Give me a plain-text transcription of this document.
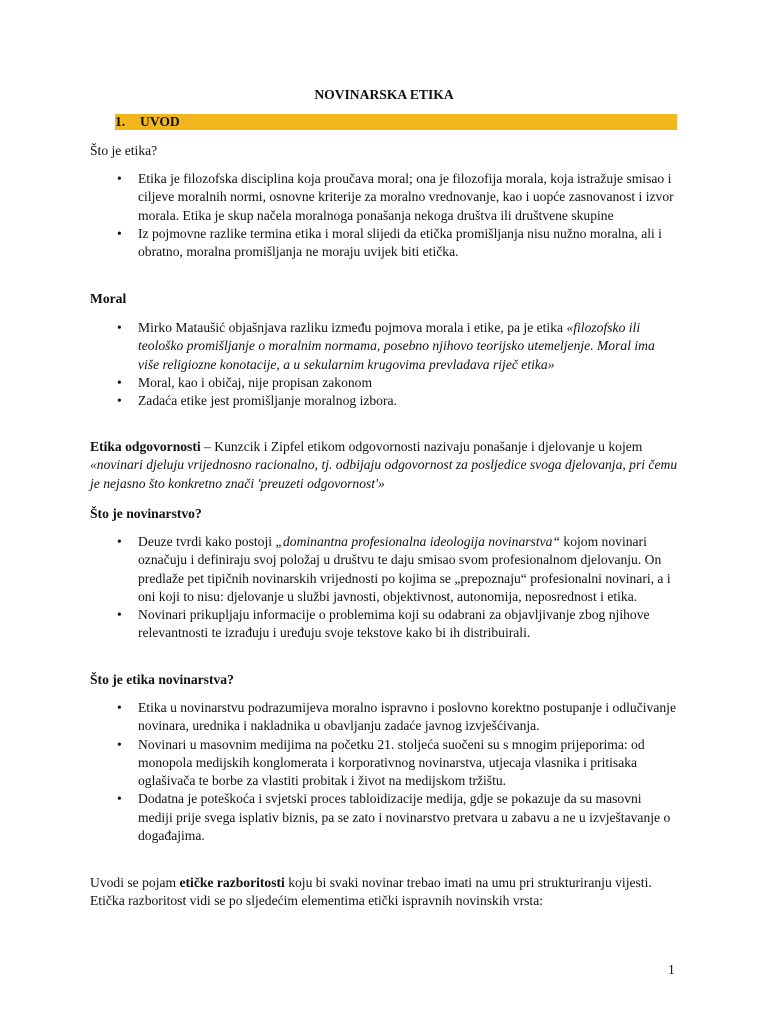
NOVINARSKA ETIKA
1. UVOD

Što je etika?

• Etika je filozofska disciplina koja proučava moral; ona je filozofija morala, koja istražuje smisao i ciljeve moralnih normi, osnovne kriterije za moralno vrednovanje, kao i uopće zasnovanost i izvor morala. Etika je skup načela moralnoga ponašanja nekoga društva ili društvene skupine
• Iz pojmovne razlike termina etika i moral slijedi da etička promišljanja nisu nužno moralna, ali i obratno, moralna promišljanja ne moraju uvijek biti etička.

Moral

• Mirko Mataušić objašnjava razliku između pojmova morala i etike, pa je etika «filozofsko ili teološko promišljanje o moralnim normama, posebno njihovo teorijsko utemeljenje. Moral ima više religiozne konotacije, a u sekularnim krugovima prevladava riječ etika»
• Moral, kao i običaj, nije propisan zakonom
• Zadaća etike jest promišljanje moralnog izbora.

Etika odgovornosti – Kunzcik i Zipfel etikom odgovornosti nazivaju ponašanje i djelovanje u kojem «novinari djeluju vrijednosno racionalno, tj. odbijaju odgovornost za posljedice svoga djelovanja, pri čemu je nejasno što konkretno znači 'preuzeti odgovornost'»

Što je novinarstvo?

• Deuze tvrdi kako postoji „dominantna profesionalna ideologija novinarstva“ kojom novinari označuju i definiraju svoj položaj u društvu te daju smisao svom profesionalnom djelovanju. On predlaže pet tipičnih novinarskih vrijednosti po kojima se „prepoznaju“ profesionalni novinari, a i oni koji to nisu: djelovanje u službi javnosti, objektivnost, autonomija, neposrednost i etika.
• Novinari prikupljaju informacije o problemima koji su odabrani za objavljivanje zbog njihove relevantnosti te izrađuju i uređuju svoje tekstove kako bi ih distribuirali.

Što je etika novinarstva?

• Etika u novinarstvu podrazumijeva moralno ispravno i poslovno korektno postupanje i odlučivanje novinara, urednika i nakladnika u obavljanju zadaće javnog izvješćivanja.
• Novinari u masovnim medijima na početku 21. stoljeća suočeni su s mnogim prijeporima: od monopola medijskih konglomerata i korporativnog novinarstva, utjecaja vlasnika i pritisaka oglašivača te borbe za vlastiti probitak i život na medijskom tržištu.
• Dodatna je poteškoća i svjetski proces tabloidizacije medija, gdje se pokazuje da su masovni mediji prije svega isplativ biznis, pa se zato i novinarstvo pretvara u zabavu a ne u izvještavanje o događajima.

Uvodi se pojam etičke razboritosti koju bi svaki novinar trebao imati na umu pri strukturiranju vijesti. Etička razboritost vidi se po sljedećim elementima etički ispravnih novinskih vrsta:

1
